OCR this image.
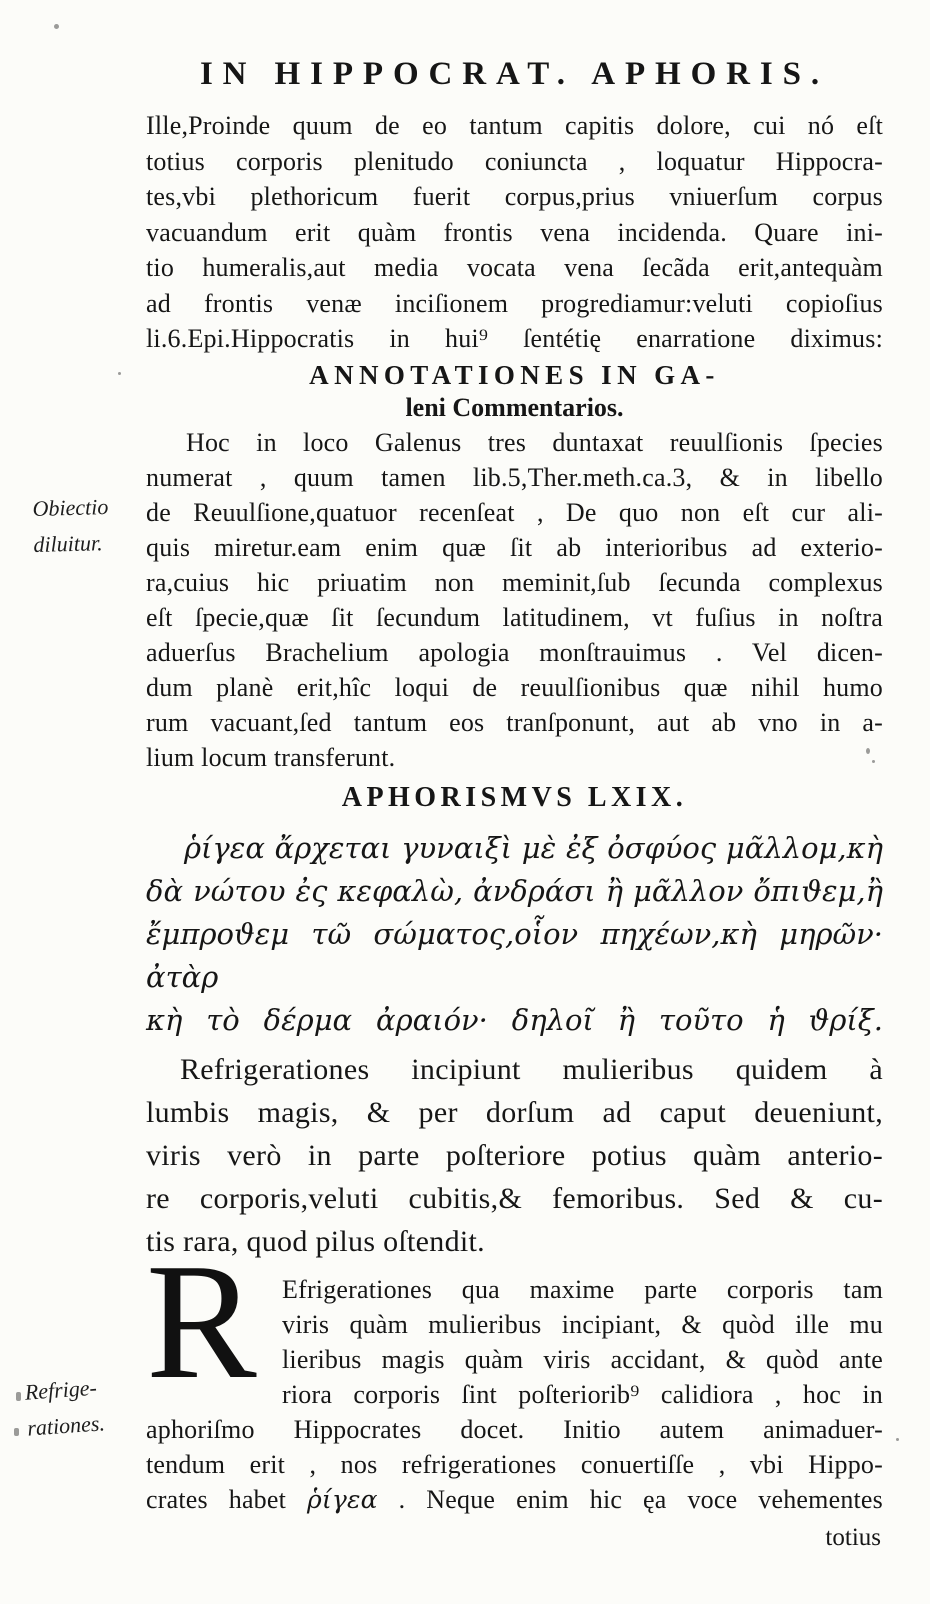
Obiectio
diluitur.
Refrige-
rationes.
IN HIPPOCRAT. APHORIS.
Ille,Proinde quum de eo tantum capitis dolore, cui nó eſt
totius corporis plenitudo coniuncta , loquatur Hippocra-
tes,vbi plethoricum fuerit corpus,prius vniuerſum corpus
vacuandum erit quàm frontis vena incidenda. Quare ini-
tio humeralis,aut media vocata vena ſecãda erit,antequàm
ad frontis venæ inciſionem progrediamur:veluti copioſius
li.6.Epi.Hippocratis in hui⁹ ſentétię enarratione diximus:
ANNOTATIONES IN GA-
leni Commentarios.
Hoc in loco Galenus tres duntaxat reuulſionis ſpecies
numerat , quum tamen lib.5,Ther.meth.ca.3, & in libello
de Reuulſione,quatuor recenſeat , De quo non eſt cur ali-
quis miretur.eam enim quæ ſit ab interioribus ad exterio-
ra,cuius hic priuatim non meminit,ſub ſecunda complexus
eſt ſpecie,quæ ſit ſecundum latitudinem, vt fuſius in noſtra
aduerſus Brachelium apologia monſtrauimus . Vel dicen-
dum planè erit,hîc loqui de reuulſionibus quæ nihil humo
rum vacuant,ſed tantum eos tranſponunt, aut ab vno in a-
lium locum transferunt.
APHORISMVS LXIX.
ῥίγεα ἄρχεται γυναιξὶ μὲ ἐξ ὀσφύος μᾶλλομ,κὴ
δὰ νώτου ἐς κεφαλὼ, ἀνδράσι ἢ μᾶλλον ὄπιϑεμ,ἢ
ἔμπροϑεμ τῶ σώματος,οἷον πηχέων,κὴ μηρῶν· ἀτὰρ
κὴ τὸ δέρμα ἀραιόν· δηλοῖ ἢ τοῦτο ἡ ϑρίξ.
Refrigerationes incipiunt mulieribus quidem à
lumbis magis, & per dorſum ad caput deueniunt,
viris verò in parte poſteriore potius quàm anterio-
re corporis,veluti cubitis,& femoribus. Sed & cu-
tis rara, quod pilus oſtendit.
R Efrigerationes qua maxime parte corporis tam
viris quàm mulieribus incipiant, & quòd ille mu
lieribus magis quàm viris accidant, & quòd ante
riora corporis ſint poſteriorib⁹ calidiora , hoc in
aphoriſmo Hippocrates docet. Initio autem animaduer-
tendum erit , nos refrigerationes conuertiſſe , vbi Hippo-
crates habet ῥίγεα . Neque enim hic ęa voce vehementes
totius
